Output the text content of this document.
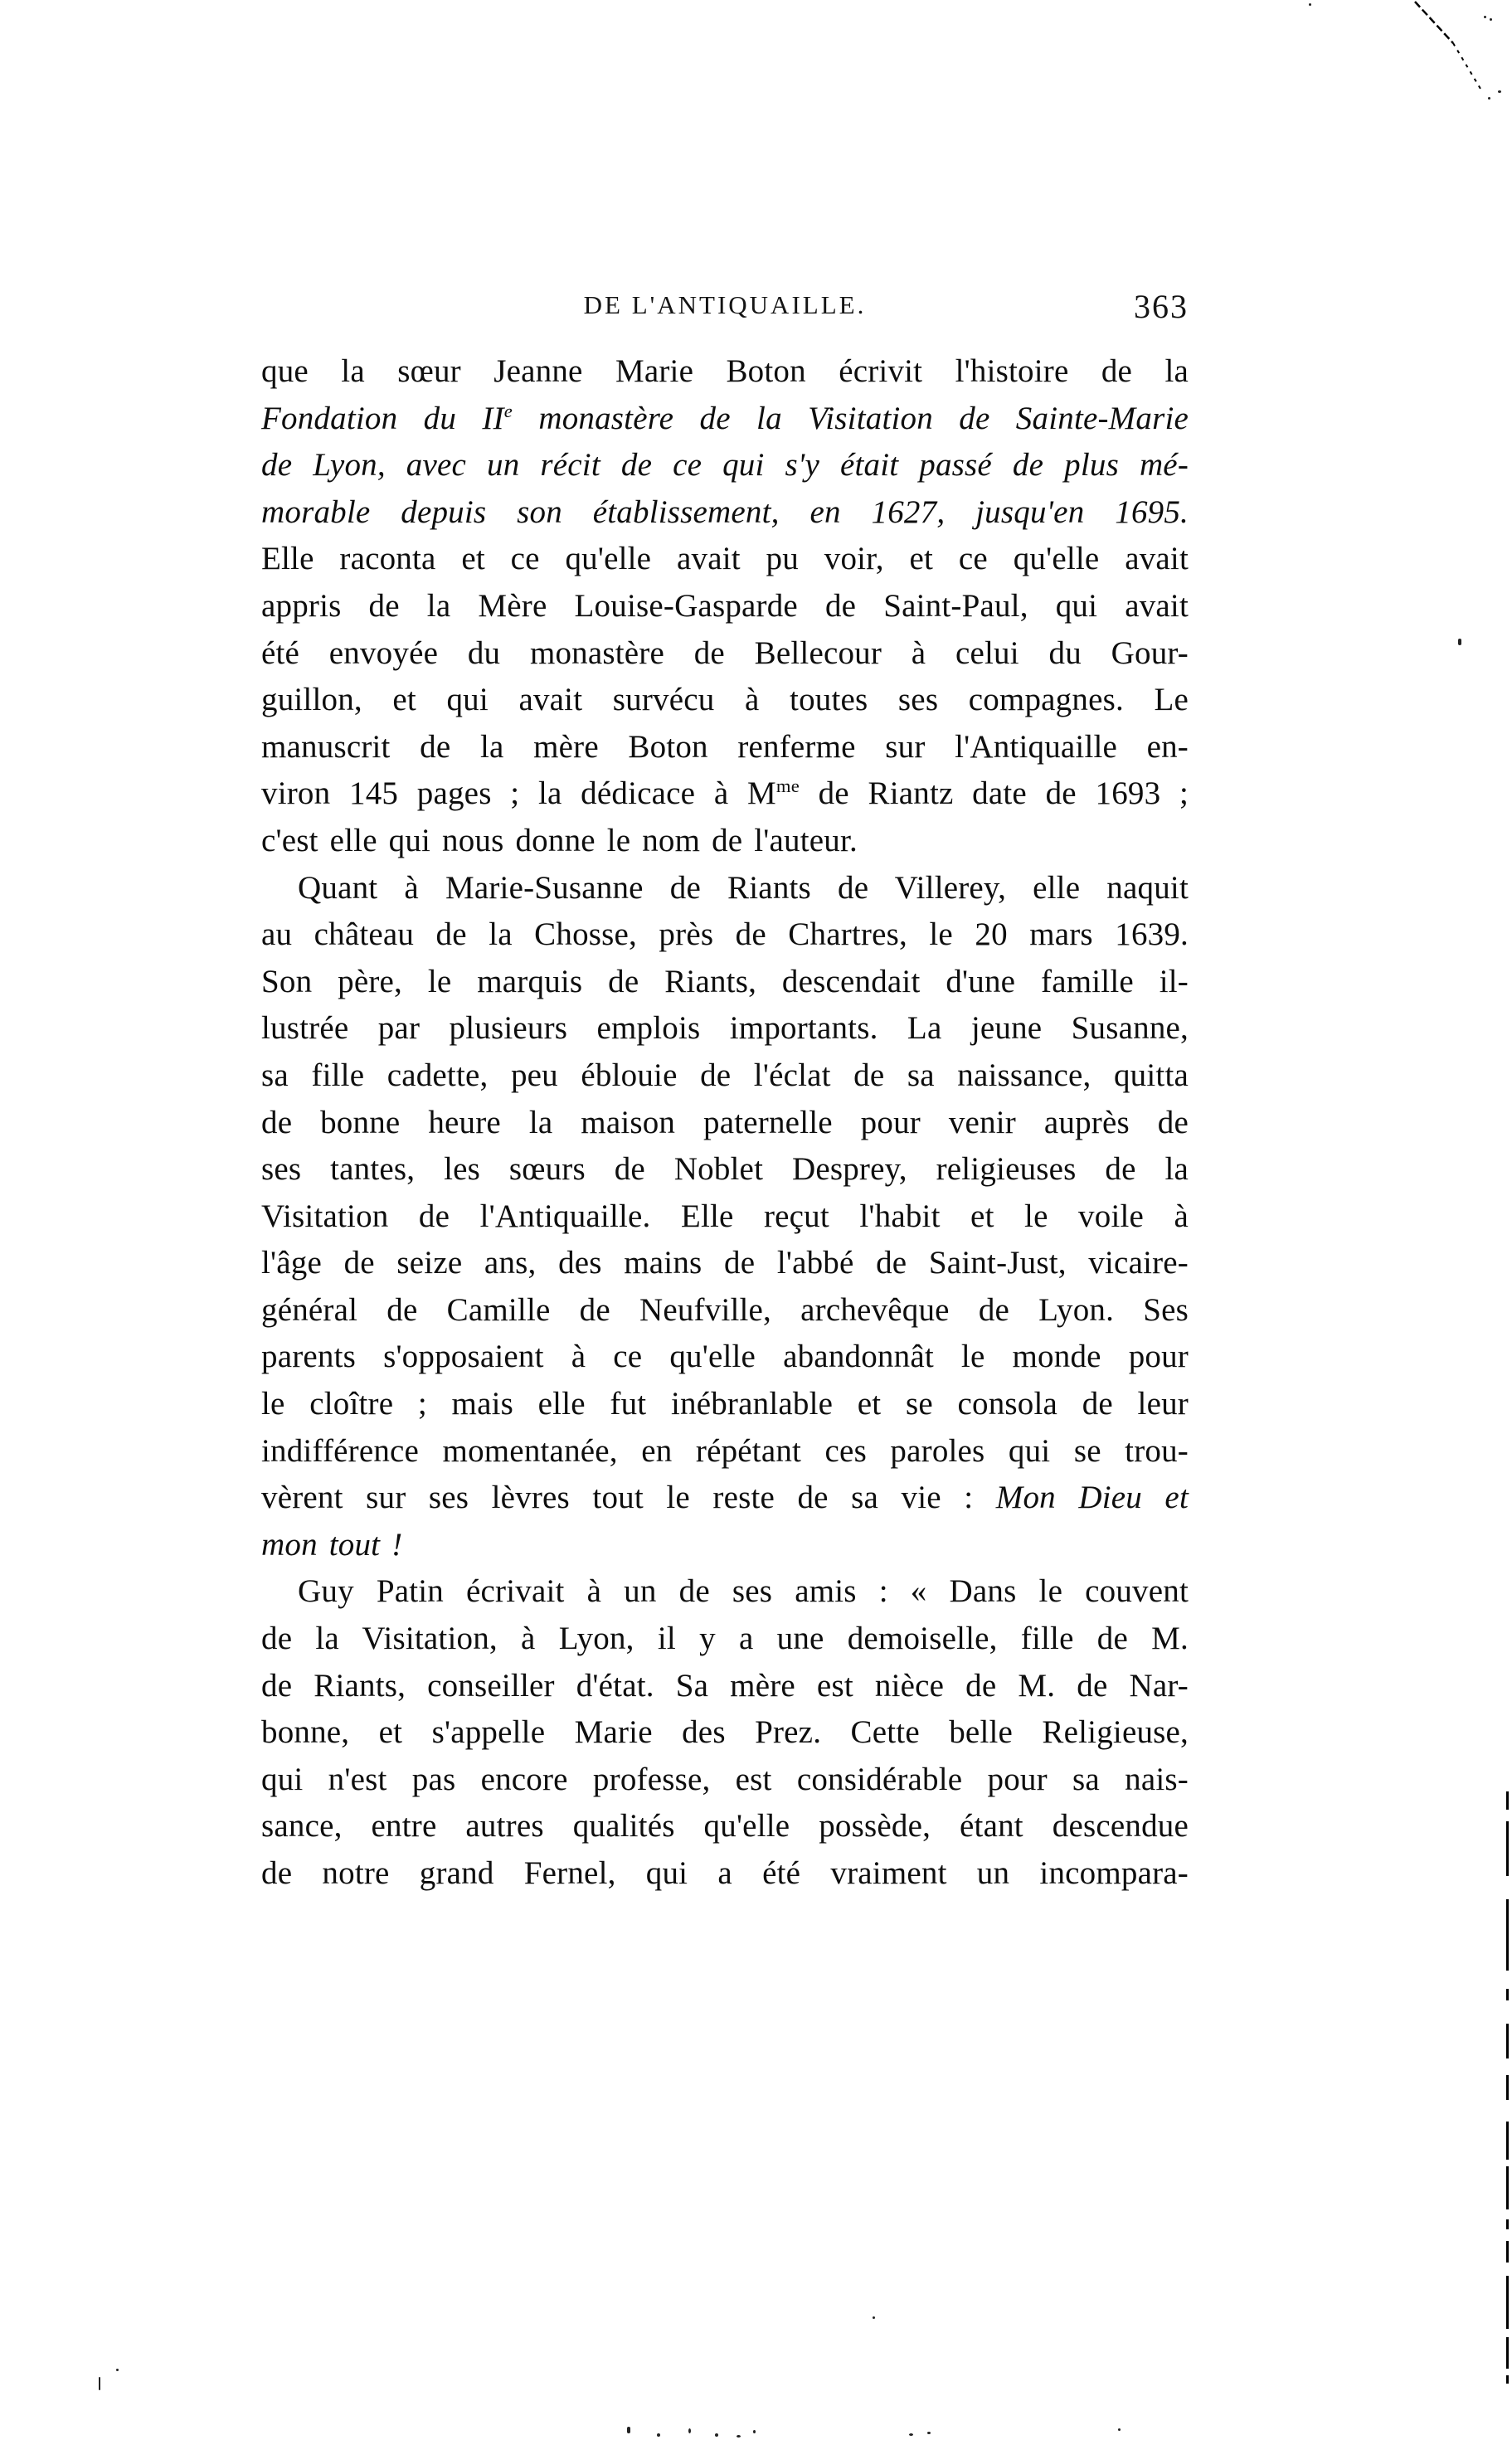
DE L'ANTIQUAILLE.	363
que la sœur Jeanne Marie Boton écrivit l'histoire de la
Fondation du IIe monastère de la Visitation de Sainte-Marie
de Lyon, avec un récit de ce qui s'y était passé de plus mé-
morable depuis son établissement, en 1627, jusqu'en 1695.
Elle raconta et ce qu'elle avait pu voir, et ce qu'elle avait
appris de la Mère Louise-Gasparde de Saint-Paul, qui avait
été envoyée du monastère de Bellecour à celui du Gour-
guillon, et qui avait survécu à toutes ses compagnes. Le
manuscrit de la mère Boton renferme sur l'Antiquaille en-
viron 145 pages ; la dédicace à $M^{me}$ de Riantz date de 1693 ;
c'est elle qui nous donne le nom de l'auteur.
Quant à Marie-Susanne de Riants de Villerey, elle naquit
au château de la Chosse, près de Chartres, le 20 mars 1639.
Son père, le marquis de Riants, descendait d'une famille il-
lustrée par plusieurs emplois importants. La jeune Susanne,
sa fille cadette, peu éblouie de l'éclat de sa naissance, quitta
de bonne heure la maison paternelle pour venir auprès de
ses tantes, les sœurs de Noblet Desprey, religieuses de la
Visitation de l'Antiquaille. Elle reçut l'habit et le voile à
l'âge de seize ans, des mains de l'abbé de Saint-Just, vicaire-
général de Camille de Neufville, archevêque de Lyon. Ses
parents s'opposaient à ce qu'elle abandonnât le monde pour
le cloître ; mais elle fut inébranlable et se consola de leur
indifférence momentanée, en répétant ces paroles qui se trou-
vèrent sur ses lèvres tout le reste de sa vie : Mon Dieu et
mon tout !
Guy Patin écrivait à un de ses amis : « Dans le couvent
de la Visitation, à Lyon, il y a une demoiselle, fille de M.
de Riants, conseiller d'état. Sa mère est nièce de M. de Nar-
bonne, et s'appelle Marie des Prez. Cette belle Religieuse,
qui n'est pas encore professe, est considérable pour sa nais-
sance, entre autres qualités qu'elle possède, étant descendue
de notre grand Fernel, qui a été vraiment un incompara-
